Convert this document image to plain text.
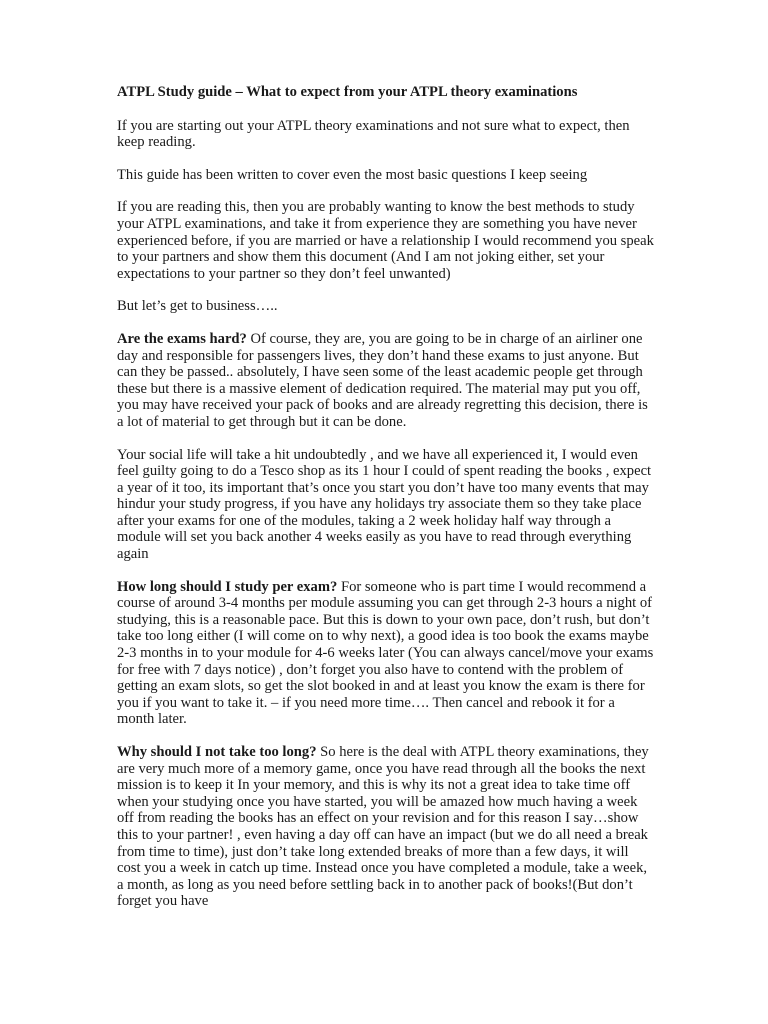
ATPL Study guide – What to expect from your ATPL theory examinations

If you are starting out your ATPL theory examinations and not sure what to expect, then keep reading.

This guide has been written to cover even the most basic questions I keep seeing

If you are reading this, then you are probably wanting to know the best methods to study your ATPL examinations, and take it from experience they are something you have never experienced before, if you are married or have a relationship I would recommend you speak to your partners and show them this document (And I am not joking either, set your expectations to your partner so they don’t feel unwanted)

But let’s get to business…..

Are the exams hard? Of course, they are, you are going to be in charge of an airliner one day and responsible for passengers lives, they don’t hand these exams to just anyone. But can they be passed.. absolutely, I have seen some of the least academic people get through these but there is a massive element of dedication required. The material may put you off, you may have received your pack of books and are already regretting this decision, there is a lot of material to get through but it can be done.

Your social life will take a hit undoubtedly , and we have all experienced it, I would even feel guilty going to do a Tesco shop as its 1 hour I could of spent reading the books , expect a year of it too, its important that’s once you start you don’t have too many events that may hindur your study progress, if you have any holidays try associate them so they take place after your exams for one of the modules, taking a 2 week holiday half way through a module will set you back another 4 weeks easily as you have to read through everything again

How long should I study per exam? For someone who is part time I would recommend a course of around 3-4 months per module assuming you can get through 2-3 hours a night of studying, this is a reasonable pace. But this is down to your own pace, don’t rush, but don’t take too long either (I will come on to why next), a good idea is too book the exams maybe 2-3 months in to your module for 4-6 weeks later (You can always cancel/move your exams for free with 7 days notice) , don’t forget you also have to contend with the problem of getting an exam slots, so get the slot booked in and at least you know the exam is there for you if you want to take it. – if you need more time…. Then cancel and rebook it for a month later.

Why should I not take too long? So here is the deal with ATPL theory examinations, they are very much more of a memory game, once you have read through all the books the next mission is to keep it In your memory, and this is why its not a great idea to take time off when your studying once you have started, you will be amazed how much having a week off from reading the books has an effect on your revision and for this reason I say…show this to your partner! , even having a day off can have an impact (but we do all need a break from time to time), just don’t take long extended breaks of more than a few days, it will cost you a week in catch up time. Instead once you have completed a module, take a week, a month, as long as you need before settling back in to another pack of books!(But don’t forget you have
